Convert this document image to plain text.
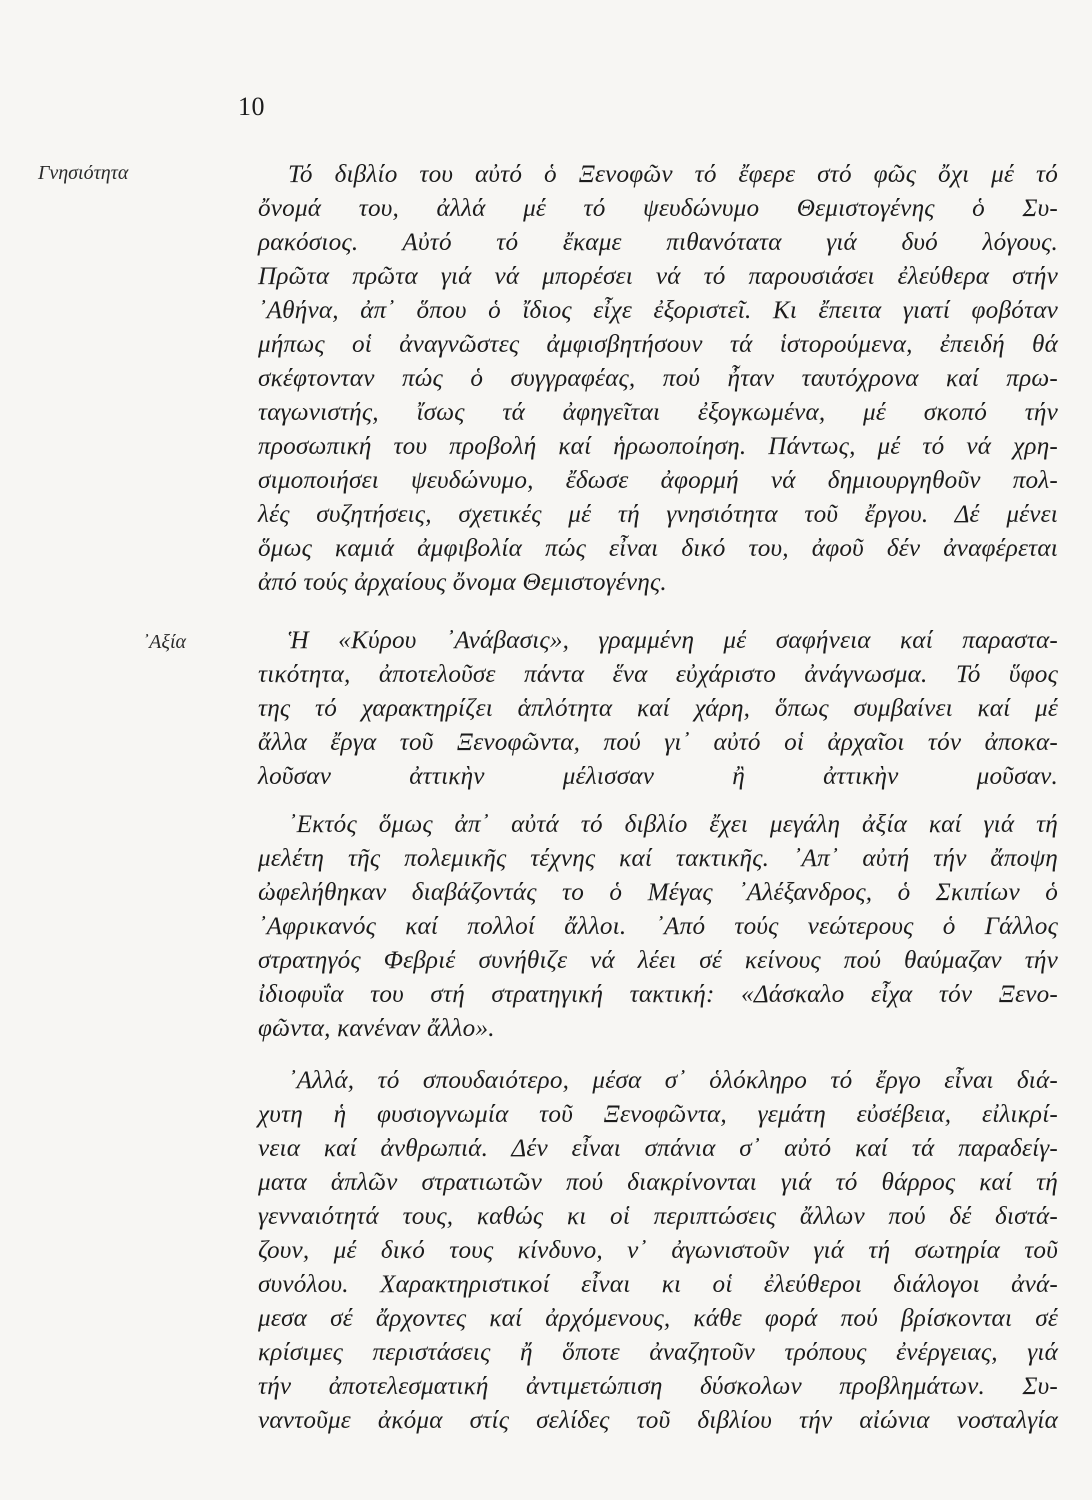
10
Γνησιότητα
᾿Αξία
Τό διβλίο του αὐτό ὁ Ξενοφῶν τό ἔφερε στό φῶς ὄχι μέ τό
ὄνομά του, ἀλλά μέ τό ψευδώνυμο Θεμιστογένης ὁ Συ-
ρακόσιος. Αὐτό τό ἔκαμε πιθανότατα γιά δυό λόγους.
Πρῶτα πρῶτα γιά νά μπορέσει νά τό παρουσιάσει ἐλεύθερα στήν
᾿Αθήνα, ἀπ᾿ ὅπου ὁ ἴδιος εἶχε ἐξοριστεῖ. Κι ἔπειτα γιατί φοβόταν
μήπως οἱ ἀναγνῶστες ἀμφισβητήσουν τά ἱστορούμενα, ἐπειδή θά
σκέφτονταν πώς ὁ συγγραφέας, πού ἦταν ταυτόχρονα καί πρω-
ταγωνιστής, ἴσως τά ἀφηγεῖται ἐξογκωμένα, μέ σκοπό τήν
προσωπική του προβολή καί ἡρωοποίηση. Πάντως, μέ τό νά χρη-
σιμοποιήσει ψευδώνυμο, ἔδωσε ἀφορμή νά δημιουργηθοῦν πολ-
λές συζητήσεις, σχετικές μέ τή γνησιότητα τοῦ ἔργου. Δέ μένει
ὅμως καμιά ἀμφιβολία πώς εἶναι δικό του, ἀφοῦ δέν ἀναφέρεται
ἀπό τούς ἀρχαίους ὄνομα Θεμιστογένης.
Ἡ «Κύρου ᾿Ανάβασις», γραμμένη μέ σαφήνεια καί παραστα-
τικότητα, ἀποτελοῦσε πάντα ἕνα εὐχάριστο ἀνάγνωσμα. Τό ὕφος
της τό χαρακτηρίζει ἁπλότητα καί χάρη, ὅπως συμβαίνει καί μέ
ἄλλα ἔργα τοῦ Ξενοφῶντα, πού γι᾿ αὐτό οἱ ἀρχαῖοι τόν ἀποκα-
λοῦσαν ἀττικὴν μέλισσαν ἢ ἀττικὴν μοῦσαν.
᾿Εκτός ὅμως ἀπ᾿ αὐτά τό διβλίο ἔχει μεγάλη ἀξία καί γιά τή
μελέτη τῆς πολεμικῆς τέχνης καί τακτικῆς. ᾿Απ᾿ αὐτή τήν ἄποψη
ὠφελήθηκαν διαβάζοντάς το ὁ Μέγας ᾿Αλέξανδρος, ὁ Σκιπίων ὁ
᾿Αφρικανός καί πολλοί ἄλλοι. ᾿Από τούς νεώτερους ὁ Γάλλος
στρατηγός Φεβριέ συνήθιζε νά λέει σέ κείνους πού θαύμαζαν τήν
ἰδιοφυΐα του στή στρατηγική τακτική: «Δάσκαλο εἶχα τόν Ξενο-
φῶντα, κανέναν ἄλλο».
᾿Αλλά, τό σπουδαιότερο, μέσα σ᾿ ὁλόκληρο τό ἔργο εἶναι διά-
χυτη ἡ φυσιογνωμία τοῦ Ξενοφῶντα, γεμάτη εὐσέβεια, εἰλικρί-
νεια καί ἀνθρωπιά. Δέν εἶναι σπάνια σ᾿ αὐτό καί τά παραδείγ-
ματα ἁπλῶν στρατιωτῶν πού διακρίνονται γιά τό θάρρος καί τή
γενναιότητά τους, καθώς κι οἱ περιπτώσεις ἄλλων πού δέ διστά-
ζουν, μέ δικό τους κίνδυνο, ν᾿ ἀγωνιστοῦν γιά τή σωτηρία τοῦ
συνόλου. Χαρακτηριστικοί εἶναι κι οἱ ἐλεύθεροι διάλογοι ἀνά-
μεσα σέ ἄρχοντες καί ἀρχόμενους, κάθε φορά πού βρίσκονται σέ
κρίσιμες περιστάσεις ἤ ὅποτε ἀναζητοῦν τρόπους ἐνέργειας, γιά
τήν ἀποτελεσματική ἀντιμετώπιση δύσκολων προβλημάτων. Συ-
ναντοῦμε ἀκόμα στίς σελίδες τοῦ διβλίου τήν αἰώνια νοσταλγία
